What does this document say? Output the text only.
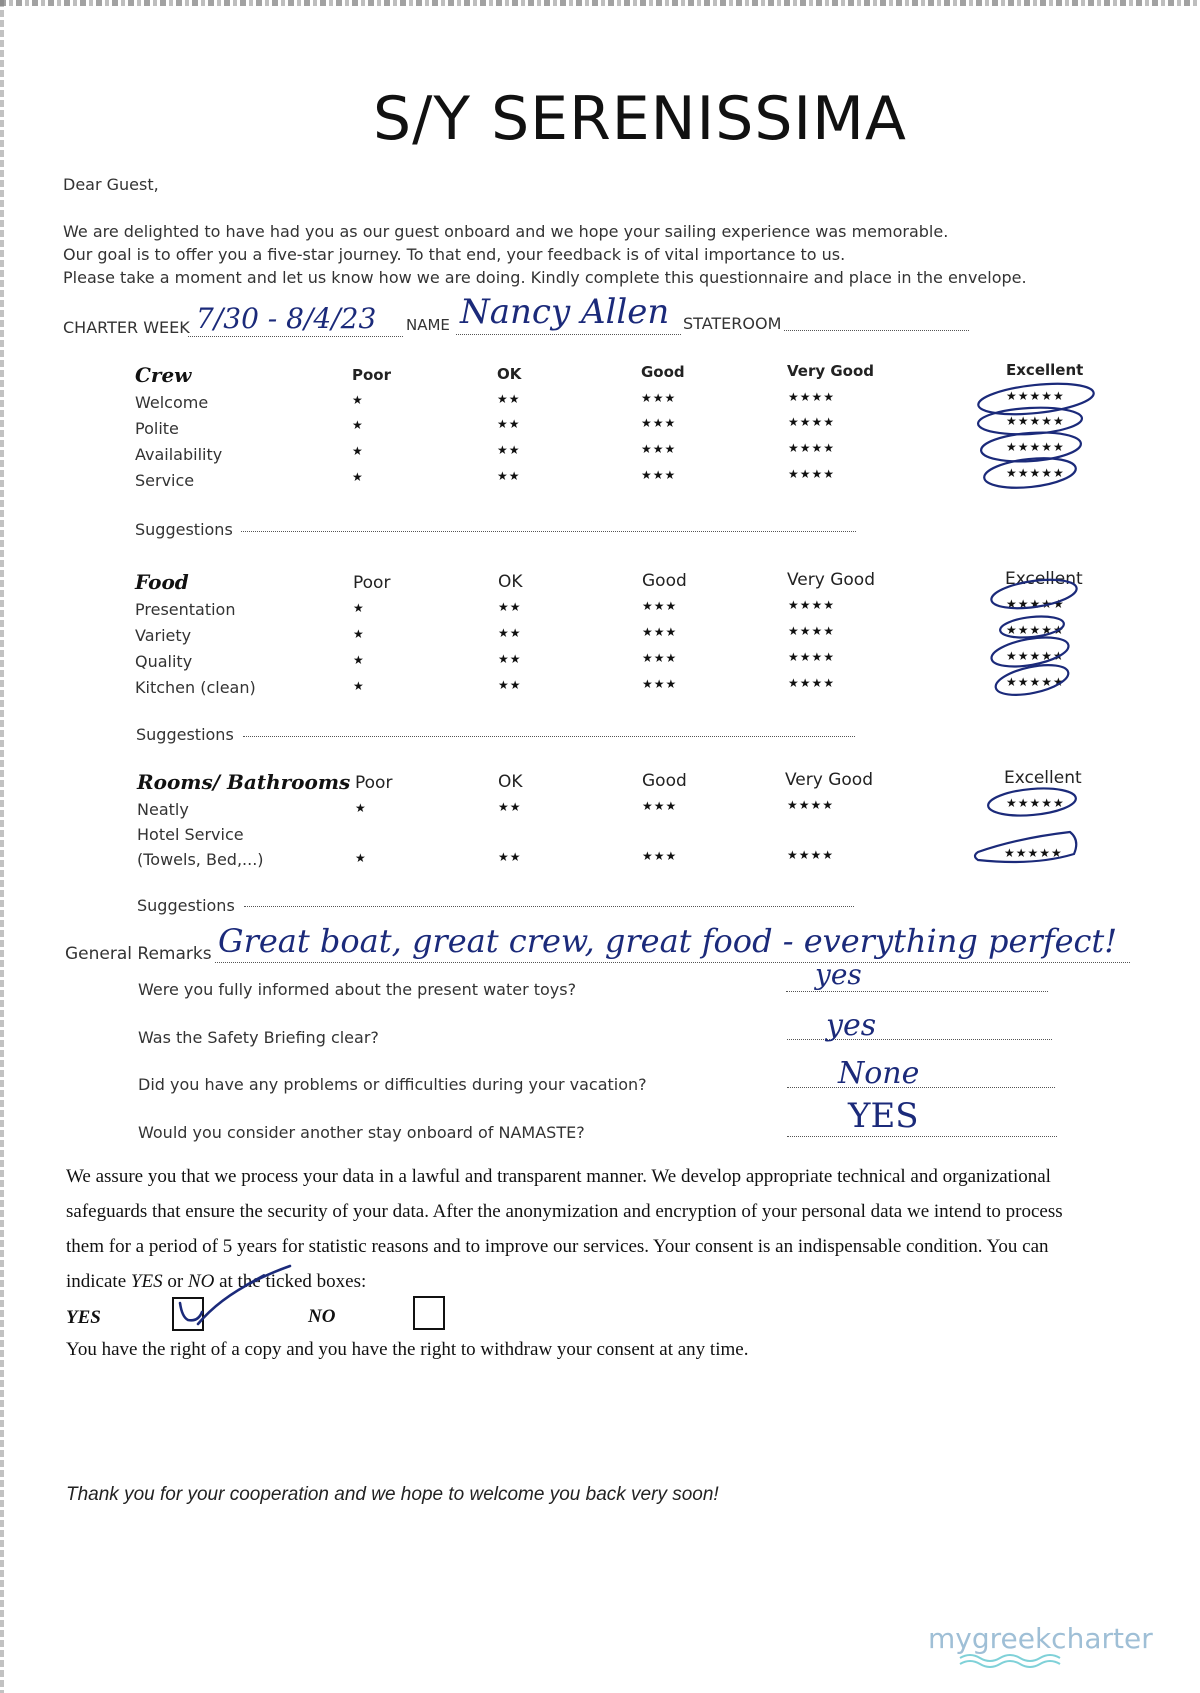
S/Y SERENISSIMA
Dear Guest,
We are delighted to have had you as our guest onboard and we hope your sailing experience was memorable.
Our goal is to offer you a five-star journey. To that end, your feedback is of vital importance to us.
Please take a moment and let us know how we are doing. Kindly complete this questionnaire and place in the envelope.
CHARTER WEEK 7/30 - 8/4/23 NAME Nancy Allen STATEROOM
Crew	Poor	OK	Good	Very Good	Excellent
Welcome	★	★★	★★★	★★★★	★★★★★
Polite	★	★★	★★★	★★★★	★★★★★
Availability	★	★★	★★★	★★★★	★★★★★
Service	★	★★	★★★	★★★★	★★★★★
Suggestions
Food	Poor	OK	Good	Very Good	Excellent
Presentation	★	★★	★★★	★★★★	★★★★★
Variety	★	★★	★★★	★★★★	★★★★★
Quality	★	★★	★★★	★★★★	★★★★★
Kitchen (clean)	★	★★	★★★	★★★★	★★★★★
Suggestions
Rooms/ Bathrooms Poor	OK	Good	Very Good	Excellent
Neatly	★	★★	★★★	★★★★	★★★★★
Hotel Service
(Towels, Bed,...)	★	★★	★★★	★★★★	★★★★★
Suggestions
General Remarks Great boat, great crew, great food - everything perfect!
Were you fully informed about the present water toys?	yes
Was the Safety Briefing clear?	yes
Did you have any problems or difficulties during your vacation?	None
Would you consider another stay onboard of NAMASTE?	YES
We assure you that we process your data in a lawful and transparent manner. We develop appropriate technical and organizational
safeguards that ensure the security of your data. After the anonymization and encryption of your personal data we intend to process
them for a period of 5 years for statistic reasons and to improve our services. Your consent is an indispensable condition. You can
indicate YES or NO at the ticked boxes:
YES	NO
You have the right of a copy and you have the right to withdraw your consent at any time.
Thank you for your cooperation and we hope to welcome you back very soon!
mygreekcharter
